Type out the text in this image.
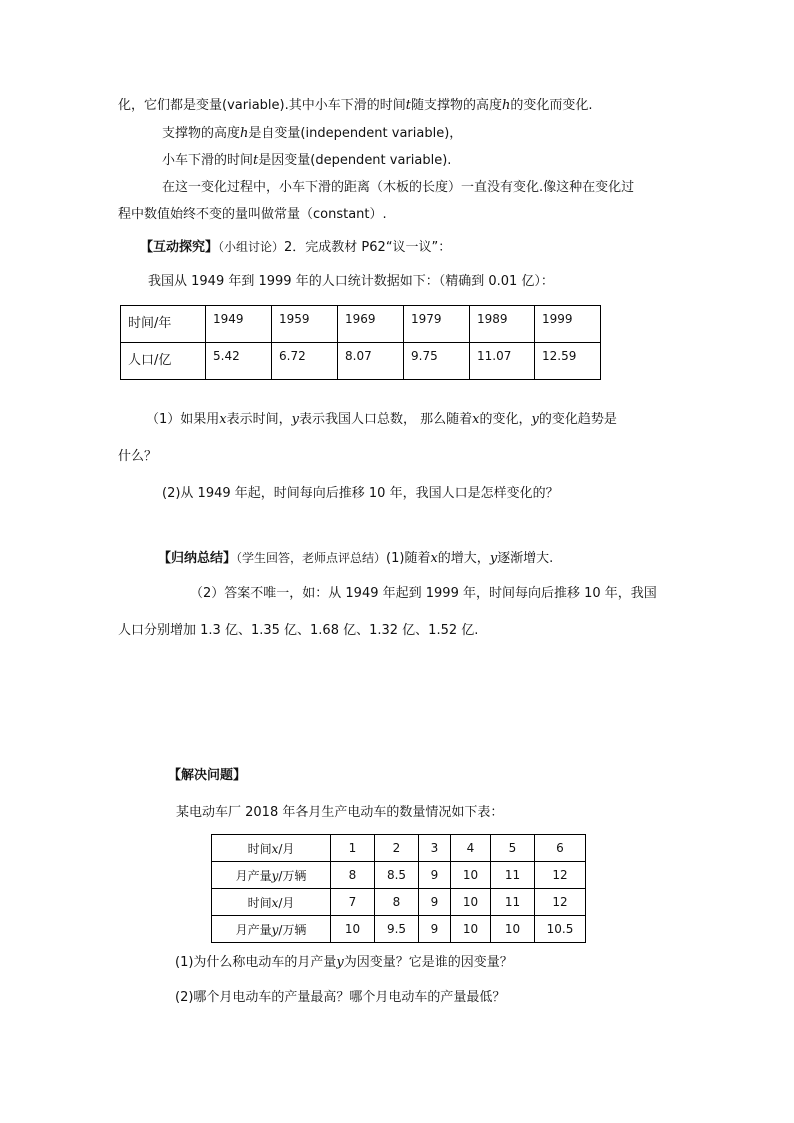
化，它们都是变量(variable).其中小车下滑的时间t随支撑物的高度h的变化而变化.
支撑物的高度h是自变量(independent variable)，
小车下滑的时间t是因变量(dependent variable).
在这一变化过程中，小车下滑的距离（木板的长度）一直没有变化.像这种在变化过
程中数值始终不变的量叫做常量（constant）.
【互动探究】（小组讨论）2．完成教材 P62“议一议”：
我国从 1949 年到 1999 年的人口统计数据如下：（精确到 0.01 亿）：
时间/年	1949	1959	1969	1979	1989	1999
人口/亿	5.42	6.72	8.07	9.75	11.07	12.59
（1）如果用x表示时间，y表示我国人口总数， 那么随着x的变化，y的变化趋势是
什么？
(2)从 1949 年起，时间每向后推移 10 年，我国人口是怎样变化的？
【归纳总结】（学生回答，老师点评总结）(1)随着x的增大，y逐渐增大.
（2）答案不唯一，如：从 1949 年起到 1999 年，时间每向后推移 10 年，我国
人口分别增加 1.3 亿、1.35 亿、1.68 亿、1.32 亿、1.52 亿.
【解决问题】
某电动车厂 2018 年各月生产电动车的数量情况如下表：
时间x/月	1	2	3	4	5	6
月产量y/万辆	8	8.5	9	10	11	12
时间x/月	7	8	9	10	11	12
月产量y/万辆	10	9.5	9	10	10	10.5
(1)为什么称电动车的月产量y为因变量？它是谁的因变量？
(2)哪个月电动车的产量最高？哪个月电动车的产量最低？
